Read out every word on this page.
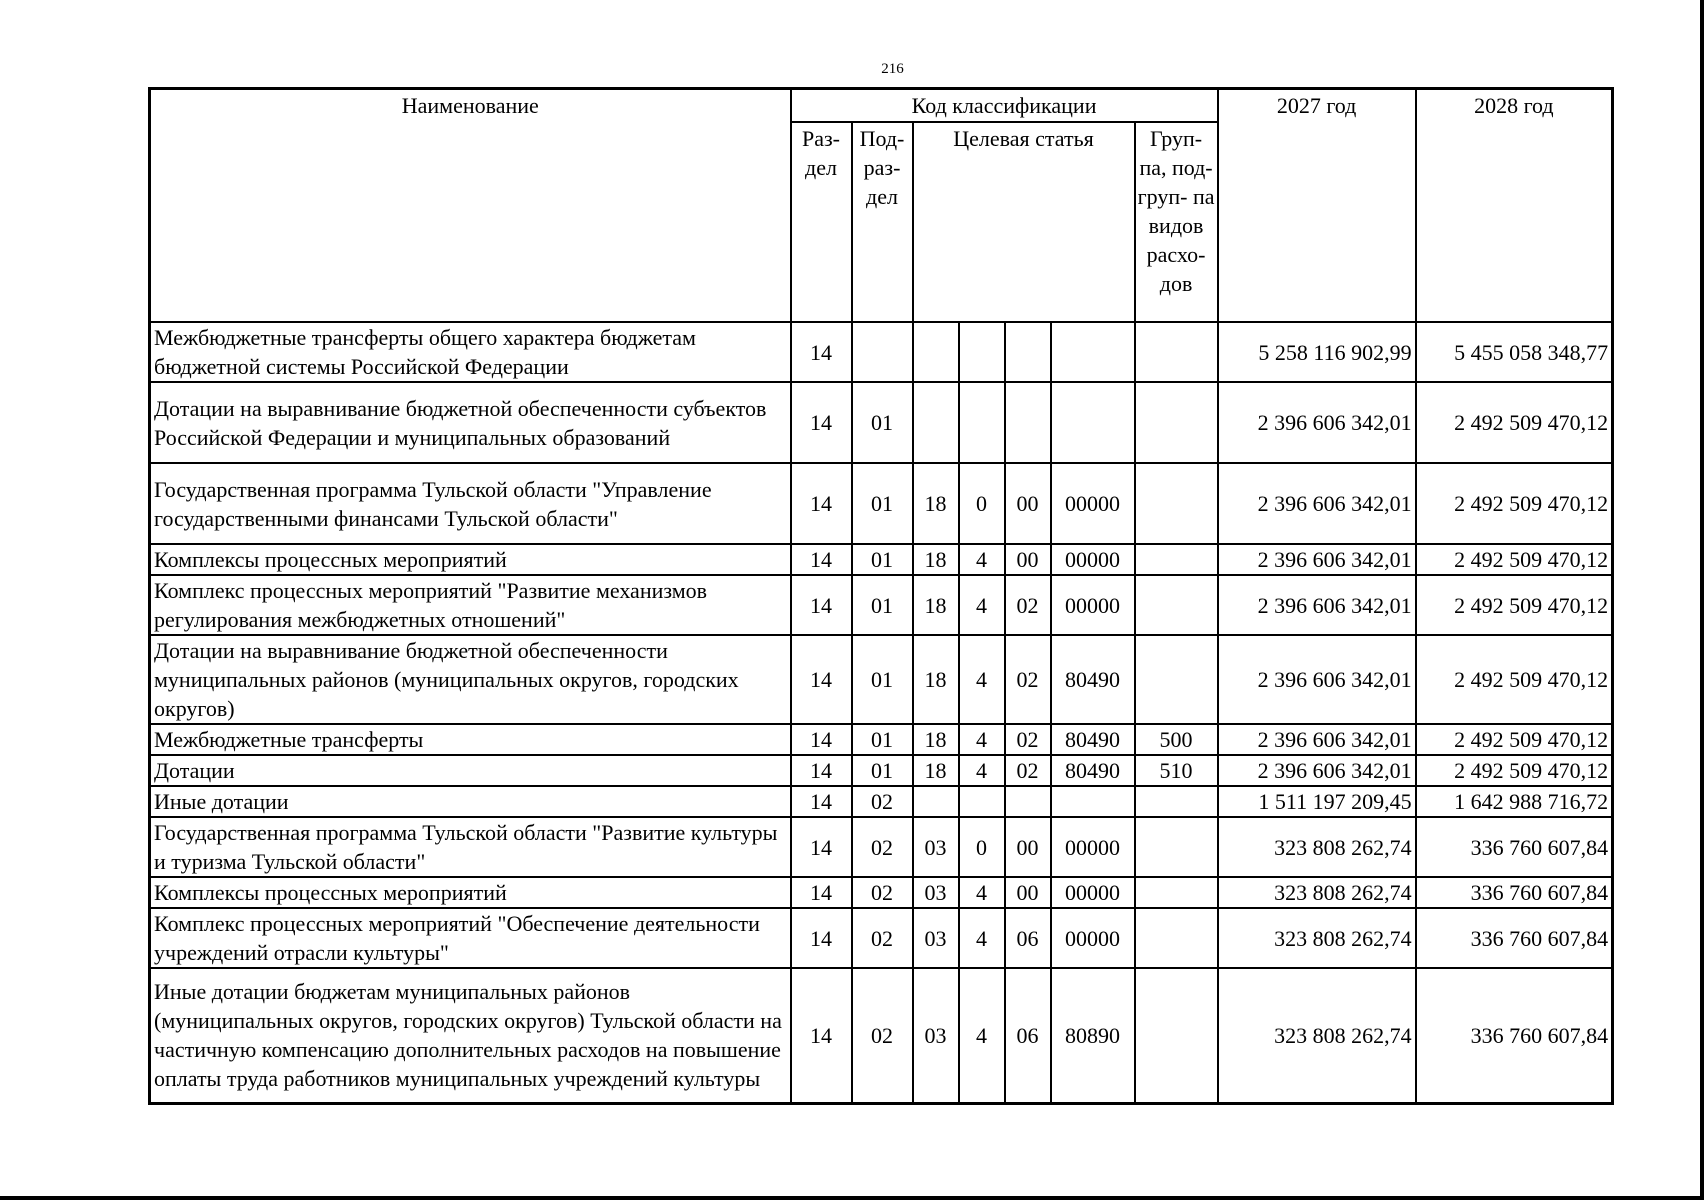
216
Наименование	Код классификации							2027 год	2028 год
	Раз- дел	Под- раз- дел	Целевая статья				Груп- па, под- груп- па видов расхо- дов		
Межбюджетные трансферты общего характера бюджетам бюджетной системы Российской Федерации	14							5 258 116 902,99	5 455 058 348,77
Дотации на выравнивание бюджетной обеспеченности субъектов Российской Федерации и муниципальных образований	14	01						2 396 606 342,01	2 492 509 470,12
Государственная программа Тульской области "Управление государственными финансами Тульской области"	14	01	18	0	00	00000		2 396 606 342,01	2 492 509 470,12
Комплексы процессных мероприятий	14	01	18	4	00	00000		2 396 606 342,01	2 492 509 470,12
Комплекс процессных мероприятий "Развитие механизмов регулирования межбюджетных отношений"	14	01	18	4	02	00000		2 396 606 342,01	2 492 509 470,12
Дотации на выравнивание бюджетной обеспеченности муниципальных районов (муниципальных округов, городских округов)	14	01	18	4	02	80490		2 396 606 342,01	2 492 509 470,12
Межбюджетные трансферты	14	01	18	4	02	80490	500	2 396 606 342,01	2 492 509 470,12
Дотации	14	01	18	4	02	80490	510	2 396 606 342,01	2 492 509 470,12
Иные дотации	14	02						1 511 197 209,45	1 642 988 716,72
Государственная программа Тульской области "Развитие культуры и туризма Тульской области"	14	02	03	0	00	00000		323 808 262,74	336 760 607,84
Комплексы процессных мероприятий	14	02	03	4	00	00000		323 808 262,74	336 760 607,84
Комплекс процессных мероприятий "Обеспечение деятельности учреждений отрасли культуры"	14	02	03	4	06	00000		323 808 262,74	336 760 607,84
Иные дотации бюджетам муниципальных районов (муниципальных округов, городских округов) Тульской области на частичную компенсацию дополнительных расходов на повышение оплаты труда работников муниципальных учреждений культуры	14	02	03	4	06	80890		323 808 262,74	336 760 607,84
